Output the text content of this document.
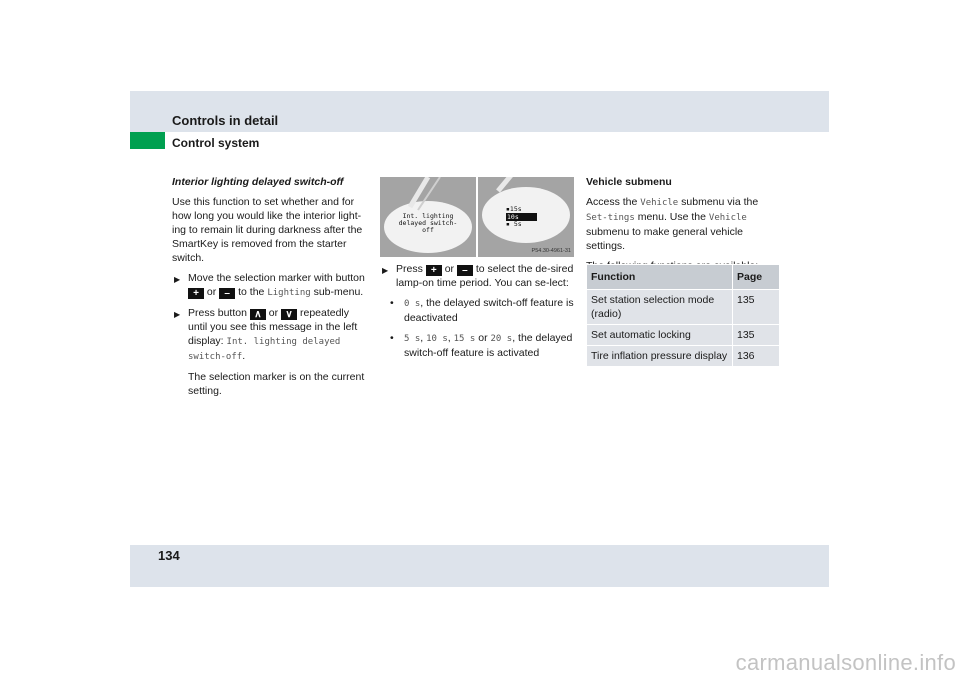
Controls in detail
Control system

Interior lighting delayed switch-off

Use this function to set whether and for how long you would like the interior light-ing to remain lit during darkness after the SmartKey is removed from the starter switch.

▶ Move the selection marker with button + or – to the Lighting sub-menu.
▶ Press button ∧ or ∨ repeatedly until you see this message in the left display: Int. lighting delayed switch-off.

The selection marker is on the current setting.

Int. lighting
delayed switch-off
▪15s
10s
▪ 5s
P54.30-4961-31
▶ Press + or – to select the de-sired lamp-on time period. You can se-lect:
• 0 s, the delayed switch-off feature is deactivated
• 5 s, 10 s, 15 s or 20 s, the delayed switch-off feature is activated

Vehicle submenu

Access the Vehicle submenu via the Set-tings menu. Use the Vehicle submenu to make general vehicle settings.

Function	Page
Set station selection mode (radio)	135
Set automatic locking	135
Tire inflation pressure display	136
134
carmanualsonline.info
